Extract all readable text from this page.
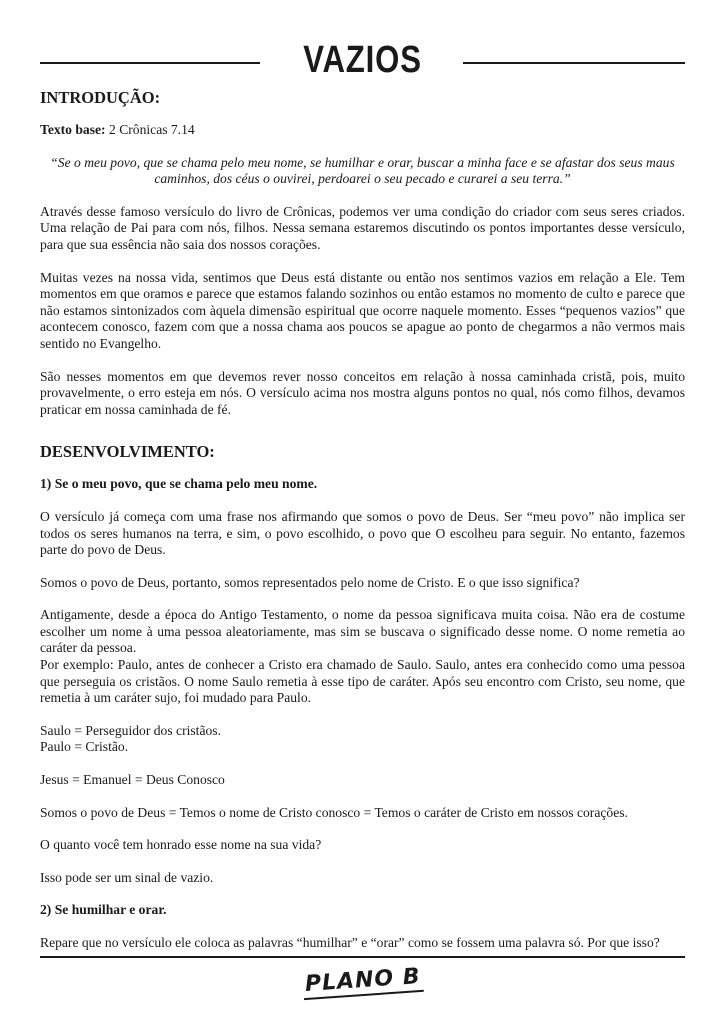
VAZIOS
INTRODUÇÃO:

Texto base: 2 Crônicas 7.14

“Se o meu povo, que se chama pelo meu nome, se humilhar e orar, buscar a minha face e se afastar dos seus maus caminhos, dos céus o ouvirei, perdoarei o seu pecado e curarei a seu terra.”

Através desse famoso versículo do livro de Crônicas, podemos ver uma condição do criador com seus seres criados. Uma relação de Pai para com nós, filhos. Nessa semana estaremos discutindo os pontos importantes desse versículo, para que sua essência não saia dos nossos corações.

Muitas vezes na nossa vida, sentimos que Deus está distante ou então nos sentimos vazios em relação a Ele. Tem momentos em que oramos e parece que estamos falando sozinhos ou então estamos no momento de culto e parece que não estamos sintonizados com àquela dimensão espiritual que ocorre naquele momento. Esses “pequenos vazios” que acontecem conosco, fazem com que a nossa chama aos poucos se apague ao ponto de chegarmos a não vermos mais sentido no Evangelho.

São nesses momentos em que devemos rever nosso conceitos em relação à nossa caminhada cristã, pois, muito provavelmente, o erro esteja em nós. O versículo acima nos mostra alguns pontos no qual, nós como filhos, devamos praticar em nossa caminhada de fé.

DESENVOLVIMENTO:
1) Se o meu povo, que se chama pelo meu nome.

O versículo já começa com uma frase nos afirmando que somos o povo de Deus. Ser “meu povo” não implica ser todos os seres humanos na terra, e sim, o povo escolhido, o povo que O escolheu para seguir. No entanto, fazemos parte do povo de Deus.

Somos o povo de Deus, portanto, somos representados pelo nome de Cristo. E o que isso significa?

Antigamente, desde a época do Antigo Testamento, o nome da pessoa significava muita coisa. Não era de costume escolher um nome à uma pessoa aleatoriamente, mas sim se buscava o significado desse nome. O nome remetia ao caráter da pessoa.

Por exemplo: Paulo, antes de conhecer a Cristo era chamado de Saulo. Saulo, antes era conhecido como uma pessoa que perseguia os cristãos. O nome Saulo remetia à esse tipo de caráter. Após seu encontro com Cristo, seu nome, que remetia à um caráter sujo, foi mudado para Paulo.

Saulo = Perseguidor dos cristãos.

Paulo = Cristão.

Jesus = Emanuel = Deus Conosco

Somos o povo de Deus = Temos o nome de Cristo conosco = Temos o caráter de Cristo em nossos corações.

O quanto você tem honrado esse nome na sua vida?

Isso pode ser um sinal de vazio.

2) Se humilhar e orar.

Repare que no versículo ele coloca as palavras “humilhar” e “orar” como se fossem uma palavra só. Por que isso?

PLANO B
